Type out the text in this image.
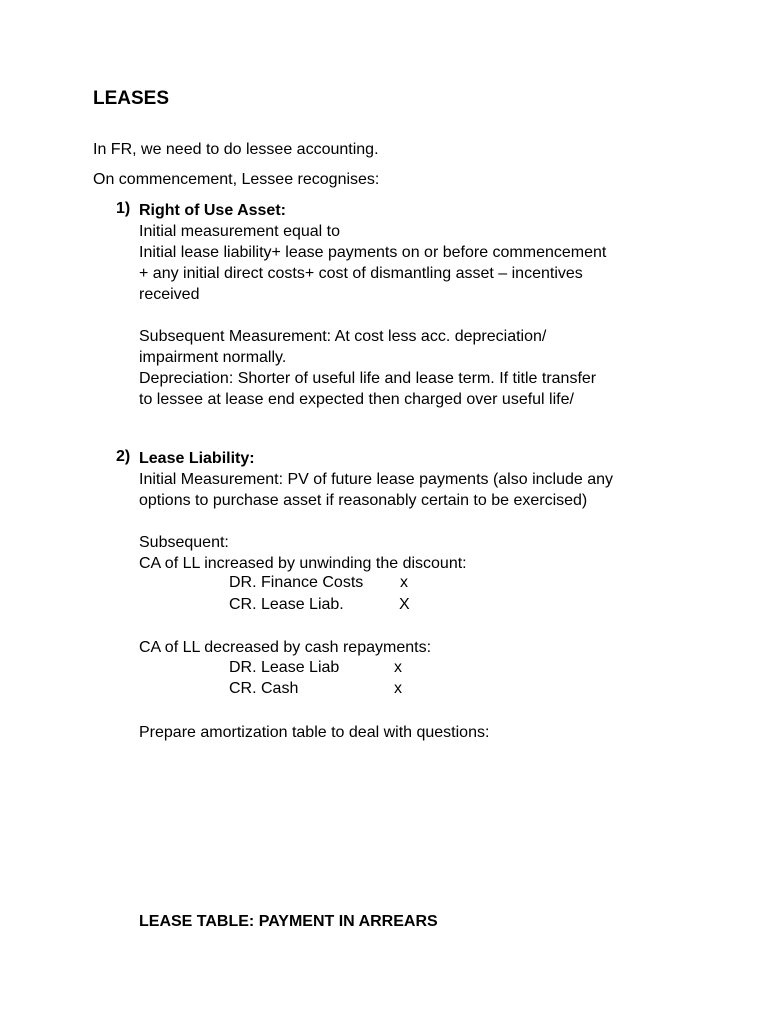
LEASES
In FR, we need to do lessee accounting.
On commencement, Lessee recognises:
1) Right of Use Asset:
Initial measurement equal to
Initial lease liability+ lease payments on or before commencement
+ any initial direct costs+ cost of dismantling asset – incentives
received
Subsequent Measurement: At cost less acc. depreciation/
impairment normally.
Depreciation: Shorter of useful life and lease term. If title transfer
to lessee at lease end expected then charged over useful life/
2) Lease Liability:
Initial Measurement: PV of future lease payments (also include any
options to purchase asset if reasonably certain to be exercised)
Subsequent:
CA of LL increased by unwinding the discount:
DR. Finance Costs x
CR. Lease Liab.	X
CA of LL decreased by cash repayments:
DR. Lease Liab	x
CR. Cash	x
Prepare amortization table to deal with questions:
LEASE TABLE: PAYMENT IN ARREARS
